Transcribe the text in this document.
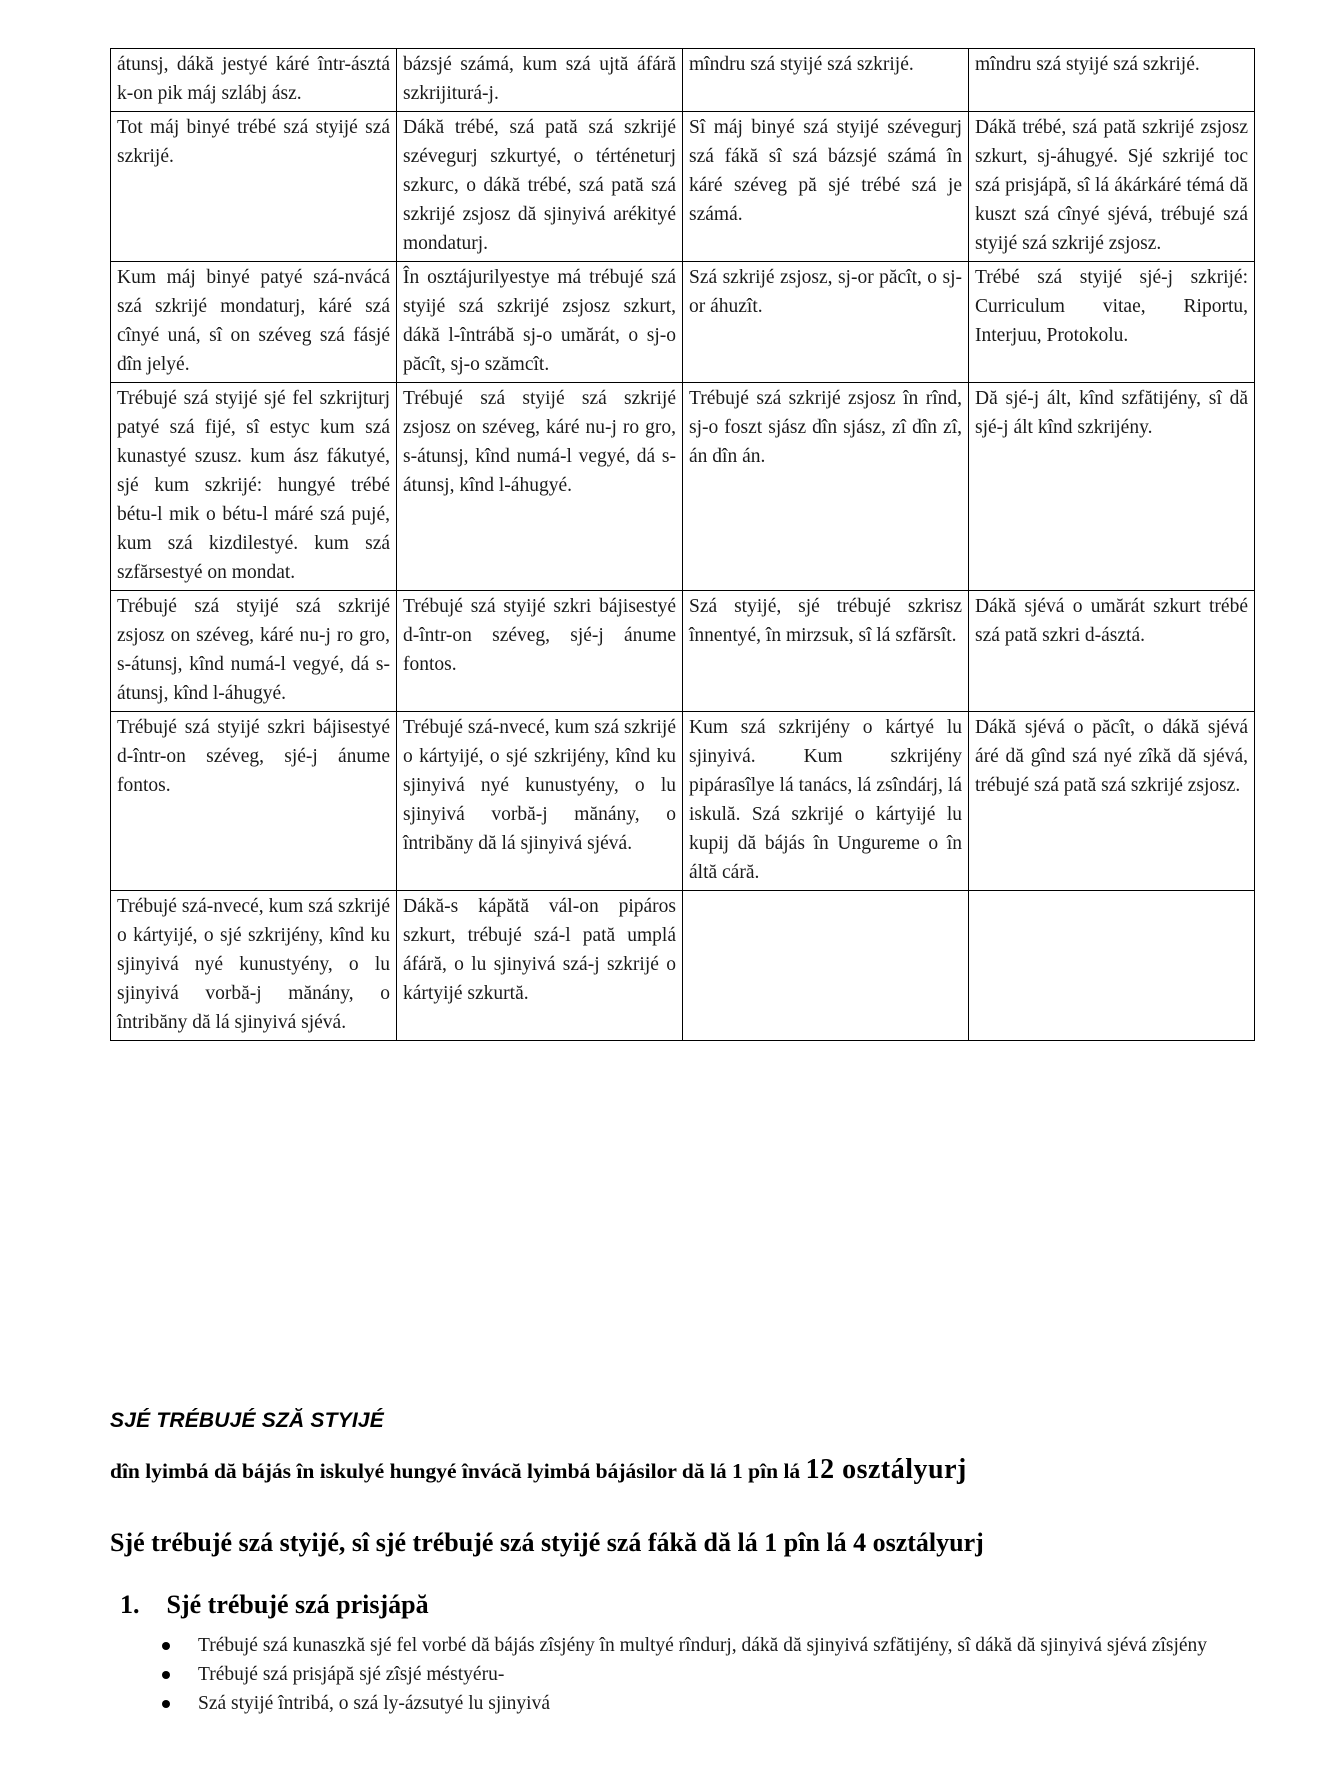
átunsj, dákă jestyé káré într-ásztá k-on pik máj szlábj ász.	bázsjé számá, kum szá ujtă áfáră szkrijiturá-j.	mîndru szá styijé szá szkrijé.	mîndru szá styijé szá szkrijé.
Tot máj binyé trébé szá styijé szá szkrijé.	Dákă trébé, szá pată szá szkrijé szévegurj szkurtyé, o térténeturj szkurc, o dákă trébé, szá pată szá szkrijé zsjosz dă sjinyivá arékityé mondaturj.	Sî máj binyé szá styijé szévegurj szá fákă sî szá bázsjé számá în káré széveg pă sjé trébé szá je számá.	Dákă trébé, szá pată szkrijé zsjosz szkurt, sj-áhugyé. Sjé szkrijé toc szá prisjápă, sî lá ákárkáré témá dă kuszt szá cînyé sjévá, trébujé szá styijé szá szkrijé zsjosz.
Kum máj binyé patyé szá-nvácá szá szkrijé mondaturj, káré szá cînyé uná, sî on széveg szá fásjé dîn jelyé.	În osztájurilyestye má trébujé szá styijé szá szkrijé zsjosz szkurt, dákă l-întrábă sj-o umărát, o sj-o păcît, sj-o szămcît.	Szá szkrijé zsjosz, sj-or păcît, o sj-or áhuzît.	Trébé szá styijé sjé-j szkrijé: Curriculum vitae, Riportu, Interjuu, Protokolu.
Trébujé szá styijé sjé fel szkrijturj patyé szá fijé, sî estyc kum szá kunastyé szusz. kum ász fákutyé, sjé kum szkrijé: hungyé trébé bétu-l mik o bétu-l máré szá pujé, kum szá kizdilestyé. kum szá szfărsestyé on mondat.	Trébujé szá styijé szá szkrijé zsjosz on széveg, káré nu-j ro gro, s-átunsj, kînd numá-l vegyé, dá s-átunsj, kînd l-áhugyé.	Trébujé szá szkrijé zsjosz în rînd, sj-o foszt sjász dîn sjász, zî dîn zî, án dîn án.	Dă sjé-j ált, kînd szfătijény, sî dă sjé-j ált kînd szkrijény.
Trébujé szá styijé szá szkrijé zsjosz on széveg, káré nu-j ro gro, s-átunsj, kînd numá-l vegyé, dá s-átunsj, kînd l-áhugyé.	Trébujé szá styijé szkri bájisestyé d-într-on széveg, sjé-j ánume fontos.	Szá styijé, sjé trébujé szkrisz înnentyé, în mirzsuk, sî lá szfărsît.	Dákă sjévá o umărát szkurt trébé szá pată szkri d-ásztá.
Trébujé szá styijé szkri bájisestyé d-într-on széveg, sjé-j ánume fontos.	Trébujé szá-nvecé, kum szá szkrijé o kártyijé, o sjé szkrijény, kînd ku sjinyivá nyé kunustyény, o lu sjinyivá vorbă-j mănány, o întribăny dă lá sjinyivá sjévá.	Kum szá szkrijény o kártyé lu sjinyivá. Kum szkrijény pipárasîlye lá tanács, lá zsîndárj, lá iskulă. Szá szkrijé o kártyijé lu kupij dă bájás în Ungureme o în áltă cáră.	Dákă sjévá o păcît, o dákă sjévá áré dă gînd szá nyé zîkă dă sjévá, trébujé szá pată szá szkrijé zsjosz.
Trébujé szá-nvecé, kum szá szkrijé o kártyijé, o sjé szkrijény, kînd ku sjinyivá nyé kunustyény, o lu sjinyivá vorbă-j mănány, o întribăny dă lá sjinyivá sjévá.	Dákă-s kápătă vál-on pipáros szkurt, trébujé szá-l pată umplá áfáră, o lu sjinyivá szá-j szkrijé o kártyijé szkurtă.		
SJÉ TRÉBUJÉ SZĂ STYIJÉ
dîn lyimbá dă bájás în iskulyé hungyé învácă lyimbá bájásilor dă lá 1 pîn lá 12 osztályurj
Sjé trébujé szá styijé, sî sjé trébujé szá styijé szá fákă dă lá 1 pîn lá 4 osztályurj
1. Sjé trébujé szá prisjápă
Trébujé szá kunaszkă sjé fel vorbé dă bájás zîsjény în multyé rîndurj, dákă dă sjinyivá szfătijény, sî dákă dă sjinyivá sjévá zîsjény
Trébujé szá prisjápă sjé zîsjé méstyéru-
Szá styijé întribá, o szá ly-ázsutyé lu sjinyivá
